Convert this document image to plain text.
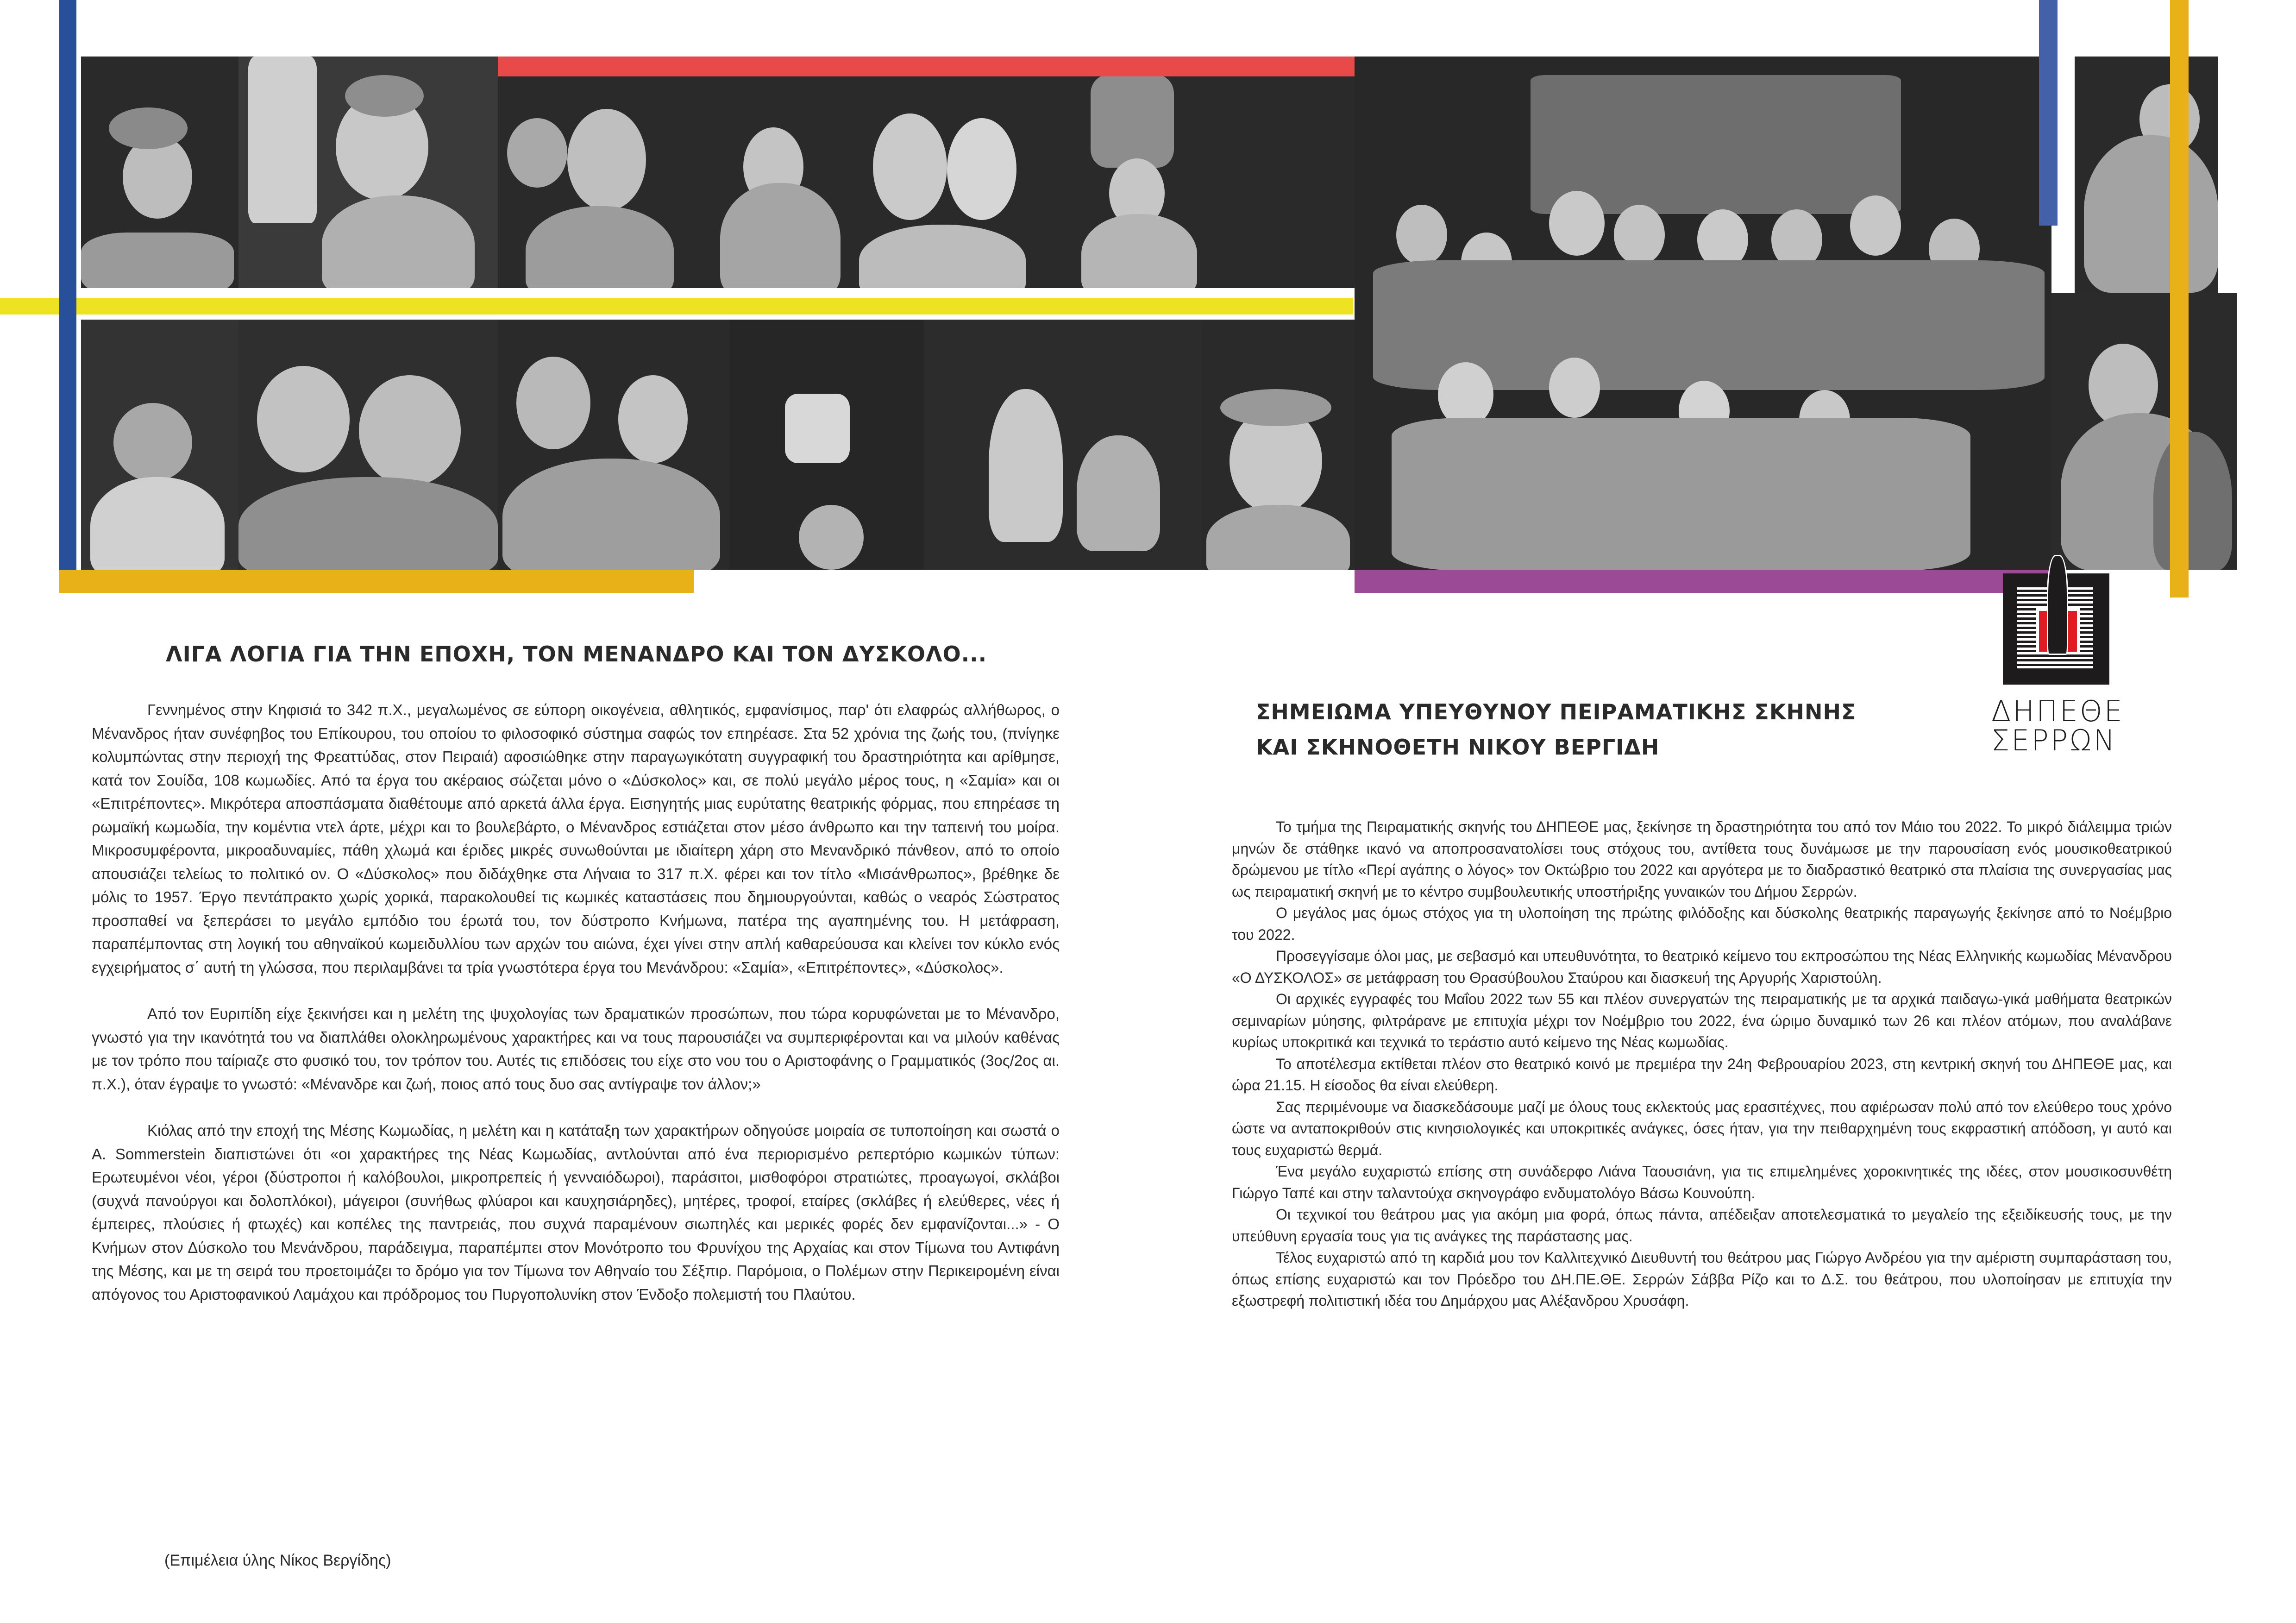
ΔΗΠΕΘΕ
ΣΕΡΡΩΝ
ΛΙΓΑ ΛΟΓΙΑ ΓΙΑ ΤΗΝ ΕΠΟΧΗ, ΤΟΝ ΜΕΝΑΝΔΡΟ ΚΑΙ ΤΟΝ ΔΥΣΚΟΛΟ...

Γεννημένος στην Κηφισιά το 342 π.Χ., μεγαλωμένος σε εύπορη οικογένεια, αθλητικός, εμφανίσιμος, παρ' ότι ελαφρώς αλλήθωρος, ο Μένανδρος ήταν συνέφηβος του Επίκουρου, του οποίου το φιλοσοφικό σύστημα σαφώς τον επηρέασε. Στα 52 χρόνια της ζωής του, (πνίγηκε κολυμπώντας στην περιοχή της Φρεαττύδας, στον Πειραιά) αφοσιώθηκε στην παραγωγικότατη συγγραφική του δραστηριότητα και αρίθμησε, κατά τον Σουίδα, 108 κωμωδίες. Από τα έργα του ακέραιος σώζεται μόνο ο «Δύσκολος» και, σε πολύ μεγάλο μέρος τους, η «Σαμία» και οι «Επιτρέποντες». Μικρότερα αποσπάσματα διαθέτουμε από αρκετά άλλα έργα. Εισηγητής μιας ευρύτατης θεατρικής φόρμας, που επηρέασε τη ρωμαϊκή κωμωδία, την κομέντια ντελ άρτε, μέχρι και το βουλεβάρτο, ο Μένανδρος εστιάζεται στον μέσο άνθρωπο και την ταπεινή του μοίρα. Μικροσυμφέροντα, μικροαδυναμίες, πάθη χλωμά και έριδες μικρές συνωθούνται με ιδιαίτερη χάρη στο Μενανδρικό πάνθεον, από το οποίο απουσιάζει τελείως το πολιτικό ον. Ο «Δύσκολος» που διδάχθηκε στα Λήναια το 317 π.Χ. φέρει και τον τίτλο «Μισάνθρωπος», βρέθηκε δε μόλις το 1957. Έργο πεντάπρακτο χωρίς χορικά, παρακολουθεί τις κωμικές καταστάσεις που δημιουργούνται, καθώς ο νεαρός Σώστρατος προσπαθεί να ξεπεράσει το μεγάλο εμπόδιο του έρωτά του, τον δύστροπο Κνήμωνα, πατέρα της αγαπημένης του. Η μετάφραση, παραπέμποντας στη λογική του αθηναϊκού κωμειδυλλίου των αρχών του αιώνα, έχει γίνει στην απλή καθαρεύουσα και κλείνει τον κύκλο ενός εγχειρήματος σ΄ αυτή τη γλώσσα, που περιλαμβάνει τα τρία γνωστότερα έργα του Μενάνδρου: «Σαμία», «Επιτρέποντες», «Δύσκολος».

Από τον Ευριπίδη είχε ξεκινήσει και η μελέτη της ψυχολογίας των δραματικών προσώπων, που τώρα κορυφώνεται με το Μένανδρο, γνωστό για την ικανότητά του να διαπλάθει ολοκληρωμένους χαρακτήρες και να τους παρουσιάζει να συμπεριφέρονται και να μιλούν καθένας με τον τρόπο που ταίριαζε στο φυσικό του, τον τρόπον του. Αυτές τις επιδόσεις του είχε στο νου του ο Αριστοφάνης ο Γραμματικός (3ος/2ος αι. π.Χ.), όταν έγραψε το γνωστό: «Μένανδρε και ζωή, ποιος από τους δυο σας αντίγραψε τον άλλον;»

Κιόλας από την εποχή της Μέσης Κωμωδίας, η μελέτη και η κατάταξη των χαρακτήρων οδηγούσε μοιραία σε τυποποίηση και σωστά ο A. Sommerstein διαπιστώνει ότι «οι χαρακτήρες της Νέας Κωμωδίας, αντλούνται από ένα περιορισμένο ρεπερτόριο κωμικών τύπων: Ερωτευμένοι νέοι, γέροι (δύστροποι ή καλόβουλοι, μικροπρεπείς ή γενναιόδωροι), παράσιτοι, μισθοφόροι στρατιώτες, προαγωγοί, σκλάβοι (συχνά πανούργοι και δολοπλόκοι), μάγειροι (συνήθως φλύαροι και καυχησιάρηδες), μητέρες, τροφοί, εταίρες (σκλάβες ή ελεύθερες, νέες ή έμπειρες, πλούσιες ή φτωχές) και κοπέλες της παντρειάς, που συχνά παραμένουν σιωπηλές και μερικές φορές δεν εμφανίζονται...» - Ο Κνήμων στον Δύσκολο του Μενάνδρου, παράδειγμα, παραπέμπει στον Μονότροπο του Φρυνίχου της Αρχαίας και στον Τίμωνα του Αντιφάνη της Μέσης, και με τη σειρά του προετοιμάζει το δρόμο για τον Τίμωνα τον Αθηναίο του Σέξπιρ. Παρόμοια, ο Πολέμων στην Περικειρομένη είναι απόγονος του Αριστοφανικού Λαμάχου και πρόδρομος του Πυργοπολυνίκη στον Ένδοξο πολεμιστή του Πλαύτου.

(Επιμέλεια ύλης Νίκος Βεργίδης)
ΣΗΜΕΙΩΜΑ ΥΠΕΥΘΥΝΟΥ ΠΕΙΡΑΜΑΤΙΚΗΣ ΣΚΗΝΗΣ
ΚΑΙ ΣΚΗΝΟΘΕΤΗ ΝΙΚΟΥ ΒΕΡΓΙΔΗ

Το τμήμα της Πειραματικής σκηνής του ΔΗΠΕΘΕ μας, ξεκίνησε τη δραστηριότητα του από τον Μάιο του 2022. Το μικρό διάλειμμα τριών μηνών δε στάθηκε ικανό να αποπροσανατολίσει τους στόχους του, αντίθετα τους δυνάμωσε με την παρουσίαση ενός μουσικοθεατρικού δρώμενου με τίτλο «Περί αγάπης ο λόγος» τον Οκτώβριο του 2022 και αργότερα με το διαδραστικό θεατρικό στα πλαίσια της συνεργασίας μας ως πειραματική σκηνή με το κέντρο συμβουλευτικής υποστήριξης γυναικών του Δήμου Σερρών.

Ο μεγάλος μας όμως στόχος για τη υλοποίηση της πρώτης φιλόδοξης και δύσκολης θεατρικής παραγωγής ξεκίνησε από το Νοέμβριο του 2022.

Προσεγγίσαμε όλοι μας, με σεβασμό και υπευθυνότητα, το θεατρικό κείμενο του εκπροσώπου της Νέας Ελληνικής κωμωδίας Μένανδρου «Ο ΔΥΣΚΟΛΟΣ» σε μετάφραση του Θρασύβουλου Σταύρου και διασκευή της Αργυρής Χαριστούλη.

Οι αρχικές εγγραφές του Μαΐου 2022 των 55 και πλέον συνεργατών της πειραματικής με τα αρχικά παιδαγω-γικά μαθήματα θεατρικών σεμιναρίων μύησης, φιλτράρανε με επιτυχία μέχρι τον Νοέμβριο του 2022, ένα ώριμο δυναμικό των 26 και πλέον ατόμων, που αναλάβανε κυρίως υποκριτικά και τεχνικά το τεράστιο αυτό κείμενο της Νέας κωμωδίας.

Το αποτέλεσμα εκτίθεται πλέον στο θεατρικό κοινό με πρεμιέρα την 24η Φεβρουαρίου 2023, στη κεντρική σκηνή του ΔΗΠΕΘΕ μας, και ώρα 21.15. Η είσοδος θα είναι ελεύθερη.

Σας περιμένουμε να διασκεδάσουμε μαζί με όλους τους εκλεκτούς μας ερασιτέχνες, που αφιέρωσαν πολύ από τον ελεύθερο τους χρόνο ώστε να ανταποκριθούν στις κινησιολογικές και υποκριτικές ανάγκες, όσες ήταν, για την πειθαρχημένη τους εκφραστική απόδοση, γι αυτό και τους ευχαριστώ θερμά.

Ένα μεγάλο ευχαριστώ επίσης στη συνάδερφο Λιάνα Ταουσιάνη, για τις επιμελημένες χοροκινητικές της ιδέες, στον μουσικοσυνθέτη Γιώργο Ταπέ και στην ταλαντούχα σκηνογράφο ενδυματολόγο Βάσω Κουνούπη.

Οι τεχνικοί του θεάτρου μας για ακόμη μια φορά, όπως πάντα, απέδειξαν αποτελεσματικά το μεγαλείο της εξειδίκευσής τους, με την υπεύθυνη εργασία τους για τις ανάγκες της παράστασης μας.

Τέλος ευχαριστώ από τη καρδιά μου τον Καλλιτεχνικό Διευθυντή του θεάτρου μας Γιώργο Ανδρέου για την αμέριστη συμπαράσταση του, όπως επίσης ευχαριστώ και τον Πρόεδρο του ΔΗ.ΠΕ.ΘΕ. Σερρών Σάββα Ρίζο και το Δ.Σ. του θεάτρου, που υλοποίησαν με επιτυχία την εξωστρεφή πολιτιστική ιδέα του Δημάρχου μας Αλέξανδρου Χρυσάφη.
